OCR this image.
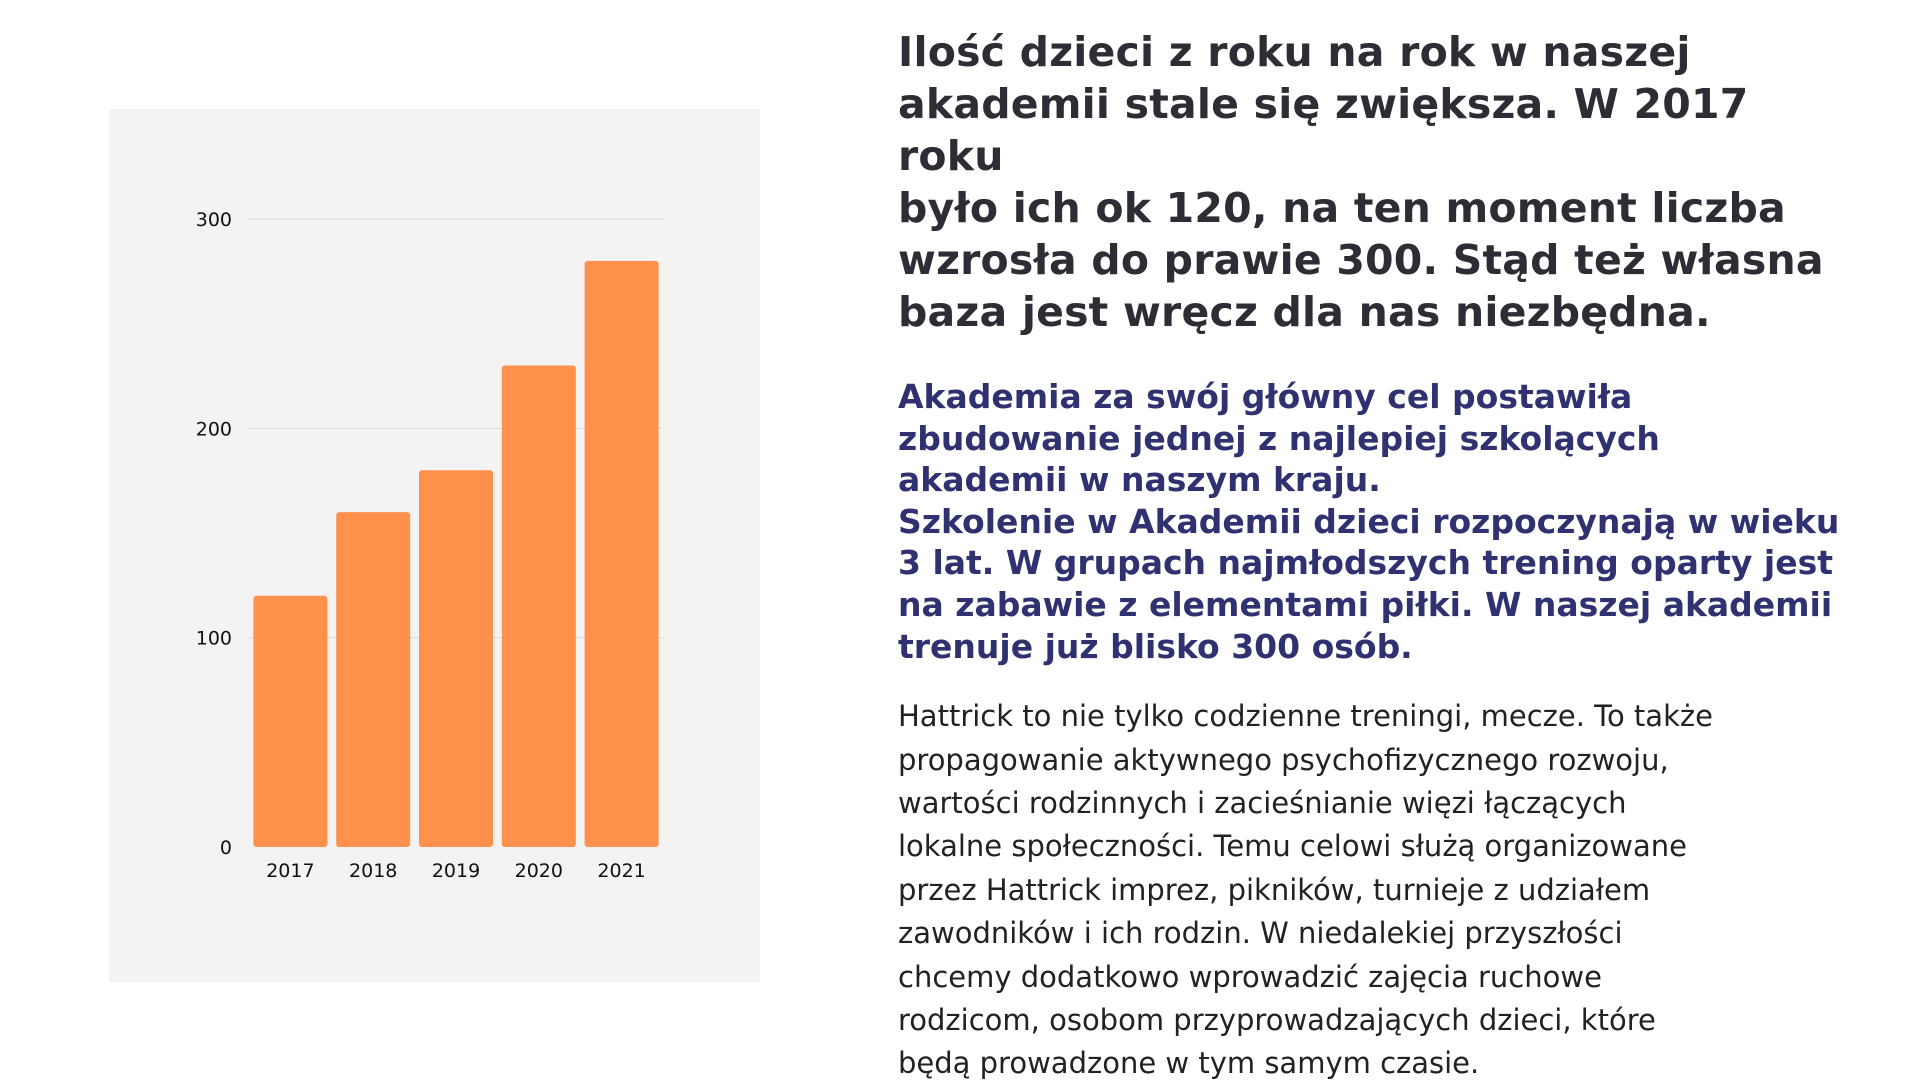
0
100
200
300
2017 2018 2019 2020 2021
Ilość dzieci z roku na rok w naszej
akademii stale się zwiększa. W 2017 roku
było ich ok 120, na ten moment liczba
wzrosła do prawie 300. Stąd też własna
baza jest wręcz dla nas niezbędna.

Akademia za swój główny cel postawiła
zbudowanie jednej z najlepiej szkolących
akademii w naszym kraju.
Szkolenie w Akademii dzieci rozpoczynają w wieku
3 lat. W grupach najmłodszych trening oparty jest
na zabawie z elementami piłki. W naszej akademii
trenuje już blisko 300 osób.

Hattrick to nie tylko codzienne treningi, mecze. To także
propagowanie aktywnego psychofizycznego rozwoju,
wartości rodzinnych i zacieśnianie więzi łączących
lokalne społeczności. Temu celowi służą organizowane
przez Hattrick imprez, pikników, turnieje z udziałem
zawodników i ich rodzin. W niedalekiej przyszłości
chcemy dodatkowo wprowadzić zajęcia ruchowe
rodzicom, osobom przyprowadzających dzieci, które
będą prowadzone w tym samym czasie.
